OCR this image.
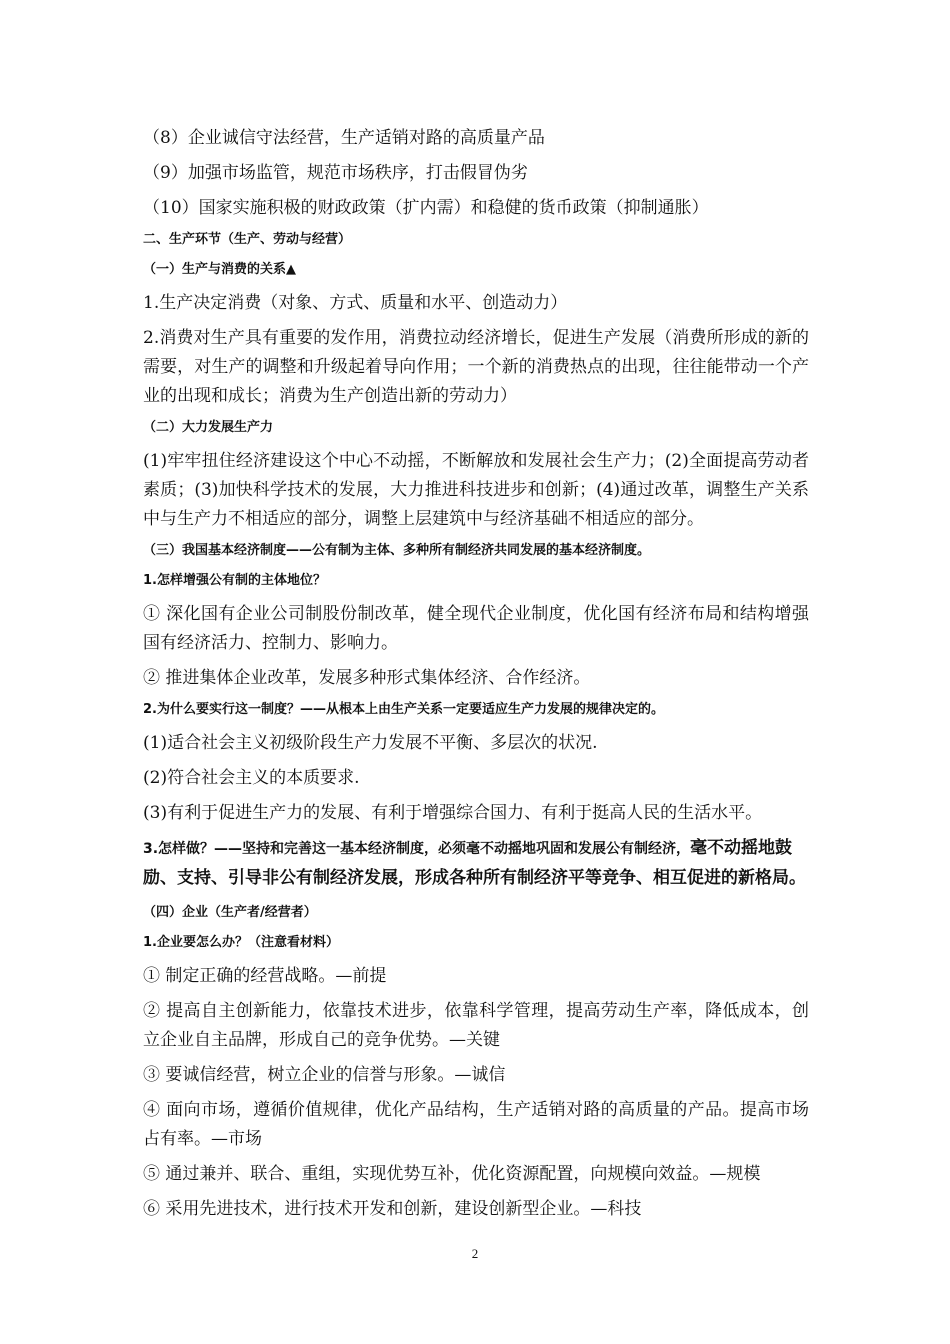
（8）企业诚信守法经营，生产适销对路的高质量产品

（9）加强市场监管，规范市场秩序，打击假冒伪劣

（10）国家实施积极的财政政策（扩内需）和稳健的货币政策（抑制通胀）

二、生产环节（生产、劳动与经营）

（一）生产与消费的关系▲

1.生产决定消费（对象、方式、质量和水平、创造动力）

2.消费对生产具有重要的发作用，消费拉动经济增长，促进生产发展（消费所形成的新的需要，对生产的调整和升级起着导向作用；一个新的消费热点的出现，往往能带动一个产业的出现和成长；消费为生产创造出新的劳动力）

（二）大力发展生产力

(1)牢牢扭住经济建设这个中心不动摇，不断解放和发展社会生产力；(2)全面提高劳动者素质；(3)加快科学技术的发展，大力推进科技进步和创新；(4)通过改革，调整生产关系中与生产力不相适应的部分，调整上层建筑中与经济基础不相适应的部分。

（三）我国基本经济制度——公有制为主体、多种所有制经济共同发展的基本经济制度。

1.怎样增强公有制的主体地位？

① 深化国有企业公司制股份制改革，健全现代企业制度，优化国有经济布局和结构增强国有经济活力、控制力、影响力。

② 推进集体企业改革，发展多种形式集体经济、合作经济。

2.为什么要实行这一制度？——从根本上由生产关系一定要适应生产力发展的规律决定的。

(1)适合社会主义初级阶段生产力发展不平衡、多层次的状况.

(2)符合社会主义的本质要求.

(3)有利于促进生产力的发展、有利于增强综合国力、有利于挺高人民的生活水平。

3.怎样做？——坚持和完善这一基本经济制度，必须毫不动摇地巩固和发展公有制经济，毫不动摇地鼓励、支持、引导非公有制经济发展，形成各种所有制经济平等竞争、相互促进的新格局。

（四）企业（生产者/经营者）

1.企业要怎么办？（注意看材料）

① 制定正确的经营战略。—前提

② 提高自主创新能力，依靠技术进步，依靠科学管理，提高劳动生产率，降低成本，创立企业自主品牌，形成自己的竞争优势。—关键

③ 要诚信经营，树立企业的信誉与形象。—诚信

④ 面向市场，遵循价值规律，优化产品结构，生产适销对路的高质量的产品。提高市场占有率。—市场

⑤ 通过兼并、联合、重组，实现优势互补，优化资源配置，向规模向效益。—规模

⑥ 采用先进技术，进行技术开发和创新，建设创新型企业。—科技

2
